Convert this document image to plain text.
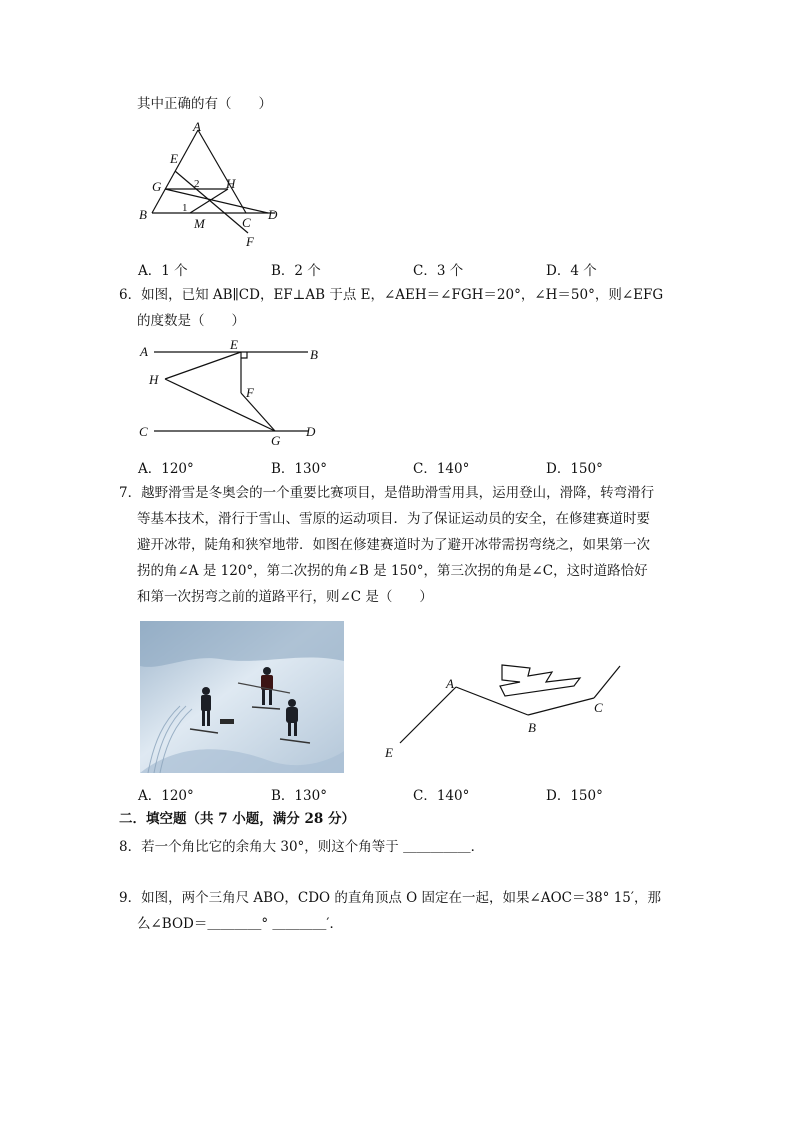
其中正确的有（　　）
A
E
G	H
B
M	C
D
F
1
2
A．1 个	B．2 个	C．3 个	D．4 个
6．如图，已知 AB∥CD，EF⊥AB 于点 E，∠AEH＝∠FGH＝20°，∠H＝50°，则∠EFG
的度数是（　　）
A	E
B
H
F
C
G
D
A．120°	B．130°	C．140°	D．150°
7．越野滑雪是冬奥会的一个重要比赛项目，是借助滑雪用具，运用登山，滑降，转弯滑行
等基本技术，滑行于雪山、雪原的运动项目．为了保证运动员的安全，在修建赛道时要
避开冰带，陡角和狭窄地带．如图在修建赛道时为了避开冰带需拐弯绕之，如果第一次
拐的角∠A 是 120°，第二次拐的角∠B 是 150°，第三次拐的角是∠C，这时道路恰好
和第一次拐弯之前的道路平行，则∠C 是（　　）
A
B
C
E
A．120°	B．130°	C．140°	D．150°
二．填空题（共 7 小题，满分 28 分）
8．若一个角比它的余角大 30°，则这个角等于 ＿＿＿＿＿．
9．如图，两个三角尺 ABO，CDO 的直角顶点 O 固定在一起，如果∠AOC＝38° 15′，那
么∠BOD＝＿＿＿＿° ＿＿＿＿′．
